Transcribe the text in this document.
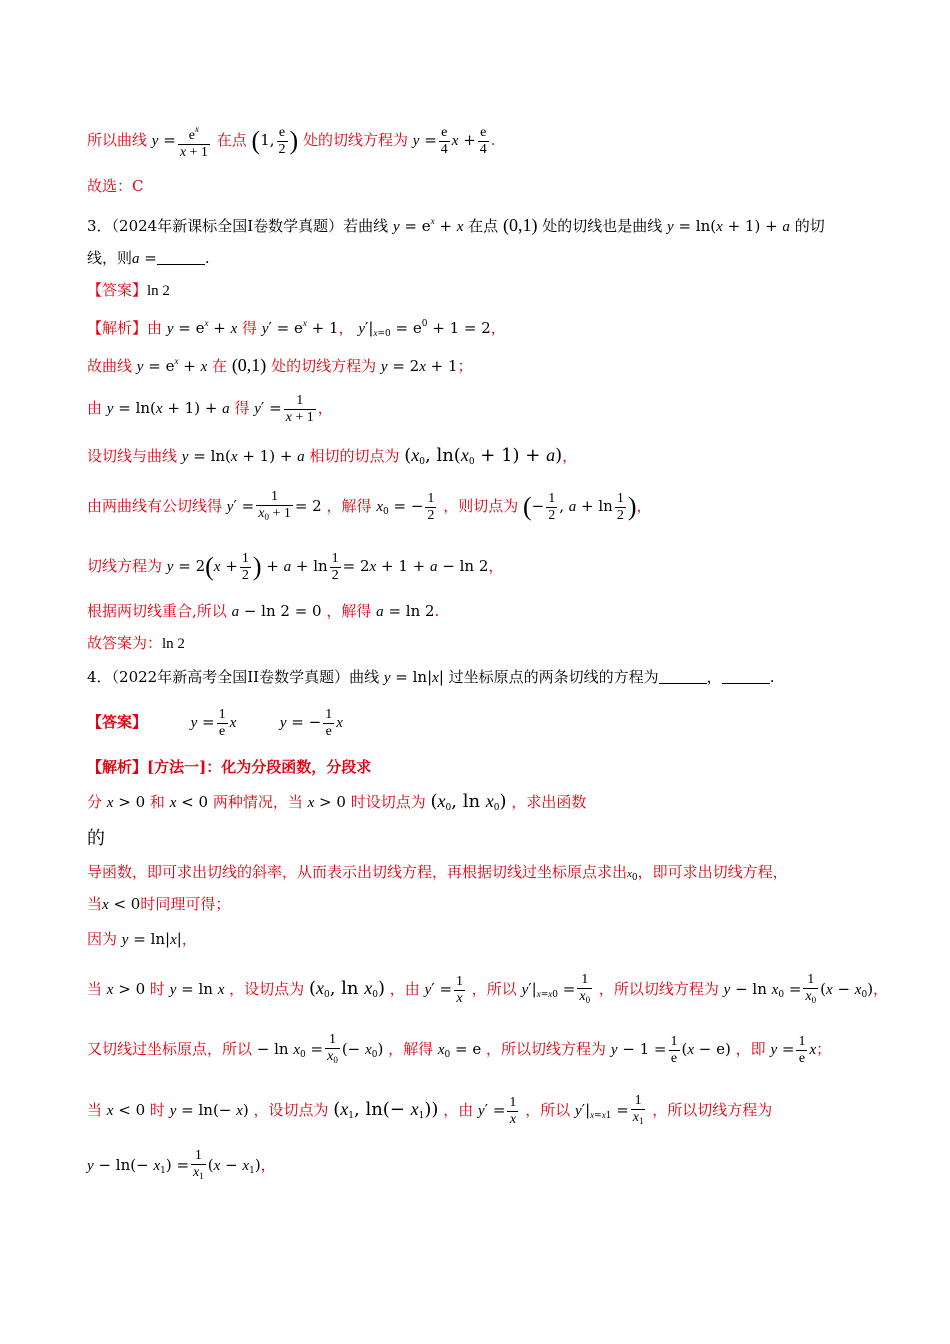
所以曲线 $y = \frac{e^x}{x + 1}$ 在点 (1, $\frac{e}{2}$ ) 处的切线方程为 $y = \frac{e}{4}$ $x + \frac{e}{4}$ .
故选：C
3．（2024年新课标全国Ⅰ卷数学真题）若曲线 $y = e^x + x$ 在点 (0,1) 处的切线也是曲线 y = ln(x + 1) + a 的切
线，则a =	.
【答案】ln 2
【解析】由 $y = e^x + x$ 得 $y' = e^x + 1$， $y'|_{x=0} = e^0 + 1 = 2$，
故曲线 $y = e^x + x$ 在 (0,1) 处的切线方程为 y = 2x + 1；
由 y = ln(x + 1) + a 得 $y' = \frac{1}{x + 1}$ ，
设切线与曲线 y = ln(x + 1) + a 相切的切点为 ($x_0$, $\ln(x_0 + 1) + a$)，
由两曲线有公切线得 $y' = \frac{1}{x_0 + 1} = 2$ ，解得 $x_0$ = − $\frac{1}{2}$ ，则切点为 (− $\frac{1}{2}$ , $a + \ln \frac{1}{2}$ )，
切线方程为 $y = 2(x + \frac{1}{2}$ ) + $a + \ln \frac{1}{2} = 2x + 1 + a - \ln 2$，
根据两切线重合,所以 a − ln 2 = 0 ，解得 a = ln 2.
故答案为：ln 2
4．（2022年新高考全国II卷数学真题）曲线 y = ln|x| 过坐标原点的两条切线的方程为	，	.
【答案】	$y = \frac{1}{e}$ x	y = − $\frac{1}{e}$ x
【解析】[方法一]：化为分段函数，分段求
分 x > 0 和 x < 0 两种情况，当 x > 0 时设切点为 ($x_0$, $\ln x_0$) ，求出函数
的
导函数，即可求出切线的斜率，从而表示出切线方程，再根据切线过坐标原点求出$x_0$，即可求出切线方程，
当x < 0时同理可得；
因为 y = ln|x|，
当 x > 0 时 y = ln x ，设切点为 ($x_0$, $\ln x_0$) ，由 $y' = \frac{1}{x}$ ，所以 $y'|_{x=x0} = \frac{1}{x_0}$ ，所以切线方程为 $y - \ln x_0 = \frac{1}{x_0} (x - x_0)$，
又切线过坐标原点，所以 − $\ln x_0 = \frac{1}{x_0}$ (− $x_0$) ，解得 $x_0 = e$ ，所以切线方程为 $y - 1 = \frac{1}{e} (x - e)$ ，即 $y = \frac{1}{e}$ x；
当 x < 0 时 y = ln(− x) ，设切点为 ($x_1$, $\ln(- x_1)$) ，由 $y' = \frac{1}{x}$ ，所以 $y'|_{x=x1} = \frac{1}{x_1}$ ，所以切线方程为
$y - \ln(- x_1) = \frac{1}{x_1} (x - x_1)$，
